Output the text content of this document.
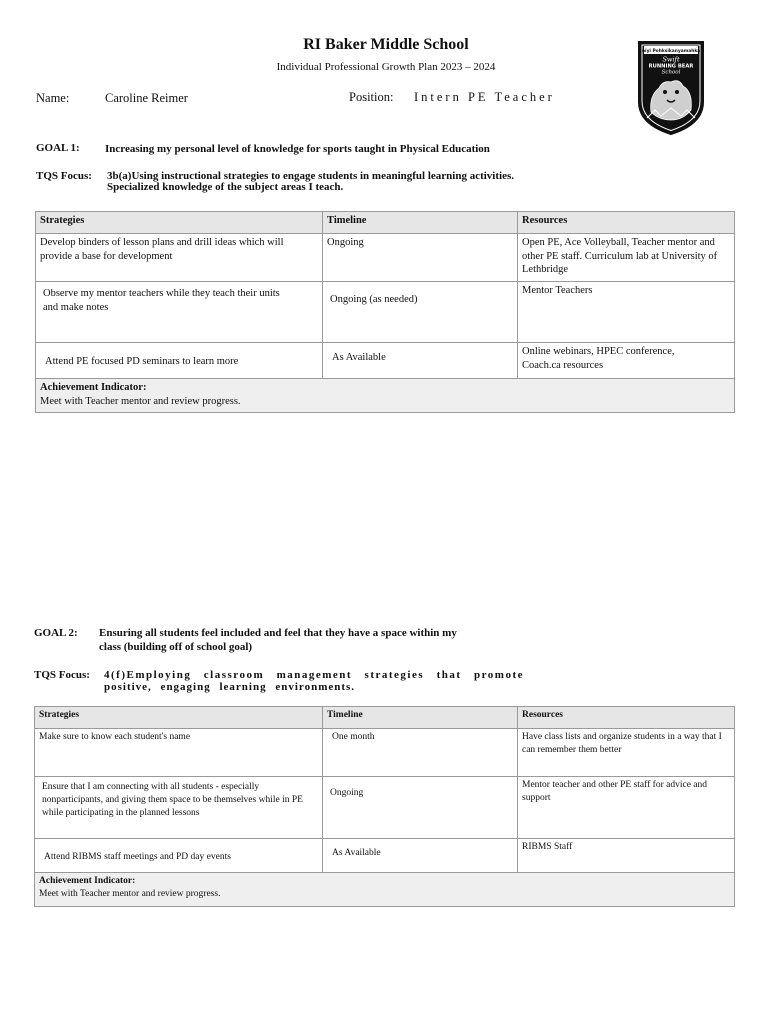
RI Baker Middle School
Individual Professional Growth Plan 2023 – 2024
Name:	Caroline Reimer	Position: Intern PE Teacher
Iiniyi Pohksikanyamahkaa
Swift
RUNNING BEAR
School
GOAL 1: Increasing my personal level of knowledge for sports taught in Physical Education
TQS Focus: 3b(a)Using instructional strategies to engage students in meaningful learning activities.
Specialized knowledge of the subject areas I teach.
Strategies	Timeline	Resources
Develop binders of lesson plans and drill ideas which will provide a base for development	Ongoing	Open PE, Ace Volleyball, Teacher mentor and other PE staff. Curriculum lab at University of Lethbridge
Observe my mentor teachers while they teach their units and make notes	Ongoing (as needed)	Mentor Teachers
Attend PE focused PD seminars to learn more	As Available	Online webinars, HPEC conference, Coach.ca resources

Achievement Indicator:
Meet with Teacher mentor and review progress.		
GOAL 2: Ensuring all students feel included and feel that they have a space within my
class (building off of school goal)
TQS Focus: 4(f)Employing classroom management strategies that promote
positive, engaging learning environments.
Strategies	Timeline	Resources
Make sure to know each student's name	One month	Have class lists and organize students in a way that I can remember them better
Ensure that I am connecting with all students - especially nonparticipants, and giving them space to be themselves while in PE while participating in the planned lessons	Ongoing	Mentor teacher and other PE staff for advice and support
Attend RIBMS staff meetings and PD day events	As Available	RIBMS Staff

Achievement Indicator:
Meet with Teacher mentor and review progress.		
